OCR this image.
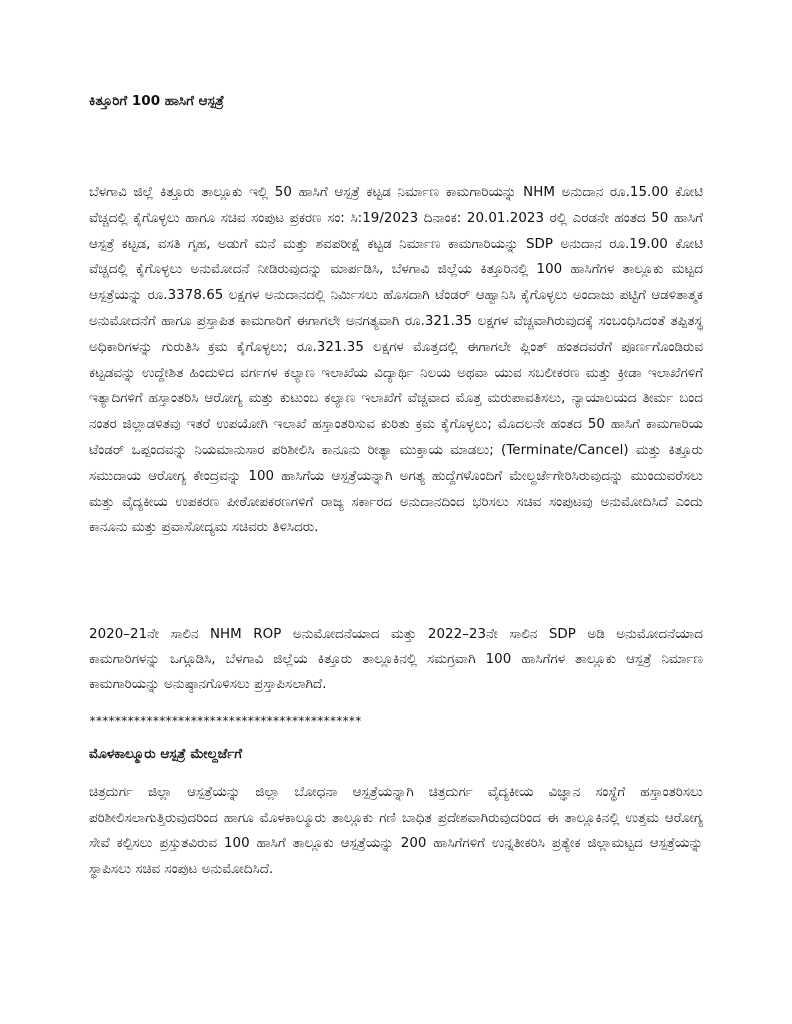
ಕಿತ್ತೂರಿಗೆ 100 ಹಾಸಿಗೆ ಆಸ್ಪತ್ರೆ

ಬೆಳಗಾವಿ ಜಿಲ್ಲೆ ಕಿತ್ತೂರು ತಾಲ್ಲೂಕು ಇಲ್ಲಿ 50 ಹಾಸಿಗೆ ಆಸ್ಪತ್ರೆ ಕಟ್ಟಡ ನಿರ್ಮಾಣ ಕಾಮಗಾರಿಯನ್ನು NHM ಅನುದಾನ ರೂ.15.00 ಕೋಟಿ ವೆಚ್ಚದಲ್ಲಿ ಕೈಗೊಳ್ಳಲು ಹಾಗೂ ಸಚಿವ ಸಂಪುಟ ಪ್ರಕರಣ ಸಂ: ಸಿ:19/2023 ದಿನಾಂಕ: 20.01.2023 ರಲ್ಲಿ ಎರಡನೇ ಹಂತದ 50 ಹಾಸಿಗೆ ಆಸ್ಪತ್ರೆ ಕಟ್ಟಡ, ವಸತಿ ಗೃಹ, ಅಡುಗೆ ಮನೆ ಮತ್ತು ಶವಪರೀಕ್ಷೆ ಕಟ್ಟಡ ನಿರ್ಮಾಣ ಕಾಮಗಾರಿಯನ್ನು SDP ಅನುದಾನ ರೂ.19.00 ಕೋಟಿ ವೆಚ್ಚದಲ್ಲಿ ಕೈಗೊಳ್ಳಲು ಅನುಮೋದನೆ ನೀಡಿರುವುದನ್ನು ಮಾರ್ಪಡಿಸಿ, ಬೆಳಗಾವಿ ಜಿಲ್ಲೆಯ ಕಿತ್ತೂರಿನಲ್ಲಿ 100 ಹಾಸಿಗೆಗಳ ತಾಲ್ಲೂಕು ಮಟ್ಟದ ಆಸ್ಪತ್ರೆಯನ್ನು ರೂ.3378.65 ಲಕ್ಷಗಳ ಅನುದಾನದಲ್ಲಿ ನಿರ್ಮಿಸಲು ಹೊಸದಾಗಿ ಟೆಂಡರ್ ಆಹ್ವಾನಿಸಿ ಕೈಗೊಳ್ಳಲು ಅಂದಾಜು ಪಟ್ಟಿಗೆ ಆಡಳಿತಾತ್ಮಕ ಅನುಮೋದನೆಗೆ ಹಾಗೂ ಪ್ರಸ್ತಾಪಿತ ಕಾಮಗಾರಿಗೆ ಈಗಾಗಲೇ ಅನಗತ್ಯವಾಗಿ ರೂ.321.35 ಲಕ್ಷಗಳ ವೆಚ್ಚವಾಗಿರುವುದಕ್ಕೆ ಸಂಬಂಧಿಸಿದಂತೆ ತಪ್ಪಿತಸ್ಥ ಅಧಿಕಾರಿಗಳನ್ನು ಗುರುತಿಸಿ ಕ್ರಮ ಕೈಗೊಳ್ಳಲು; ರೂ.321.35 ಲಕ್ಷಗಳ ಮೊತ್ತದಲ್ಲಿ ಈಗಾಗಲೇ ಪ್ಲಿಂತ್ ಹಂತದವರೆಗೆ ಪೂರ್ಣಗೊಂಡಿರುವ ಕಟ್ಟಡವನ್ನು ಉದ್ದೇಶಿತ ಹಿಂದುಳಿದ ವರ್ಗಗಳ ಕಲ್ಯಾಣ ಇಲಾಖೆಯ ವಿದ್ಯಾರ್ಥಿ ನಿಲಯ ಅಥವಾ ಯುವ ಸಬಲೀಕರಣ ಮತ್ತು ಕ್ರೀಡಾ ಇಲಾಖೆಗಳಿಗೆ ಇತ್ಯಾದಿಗಳಿಗೆ ಹಸ್ತಾಂತರಿಸಿ ಆರೋಗ್ಯ ಮತ್ತು ಕುಟುಂಬ ಕಲ್ಯಾಣ ಇಲಾಖೆಗೆ ವೆಚ್ಚವಾದ ಮೊತ್ತ ಮರುಪಾವತಿಸಲು, ನ್ಯಾಯಾಲಯದ ತೀರ್ಮ ಬಂದ ನಂತರ ಜಿಲ್ಲಾಡಳಿತವು ಇತರೆ ಉಪಯೋಗಿ ಇಲಾಖೆ ಹಸ್ತಾಂತರಿಸುವ ಕುರಿತು ಕ್ರಮ ಕೈಗೊಳ್ಳಲು; ಮೊದಲನೇ ಹಂತದ 50 ಹಾಸಿಗೆ ಕಾಮಗಾರಿಯ ಟೆಂಡರ್ ಒಪ್ಪಂದವನ್ನು ನಿಯಮಾನುಸಾರ ಪರಿಶೀಲಿಸಿ ಕಾನೂನು ರೀತ್ಯಾ ಮುಕ್ತಾಯ ಮಾಡಲು; (Terminate/Cancel) ಮತ್ತು ಕಿತ್ತೂರು ಸಮುದಾಯ ಆರೋಗ್ಯ ಕೇಂದ್ರವನ್ನು 100 ಹಾಸಿಗೆಯ ಆಸ್ಪತ್ರೆಯನ್ನಾಗಿ ಅಗತ್ಯ ಹುದ್ದೆಗಳೊಂದಿಗೆ ಮೇಲ್ದರ್ಜೆಗೇರಿಸಿರುವುದನ್ನು ಮುಂದುವರೆಸಲು ಮತ್ತು ವೈದ್ಯಕೀಯ ಉಪಕರಣ ಪೀಠೋಪಕರಣಗಳಿಗೆ ರಾಜ್ಯ ಸರ್ಕಾರದ ಅನುದಾನದಿಂದ ಭರಿಸಲು ಸಚಿವ ಸಂಪುಟವು ಅನುಮೋದಿಸಿದೆ ಎಂದು ಕಾನೂನು ಮತ್ತು ಪ್ರವಾಸೋದ್ಯಮ ಸಚಿವರು ತಿಳಿಸಿದರು.

2020–21ನೇ ಸಾಲಿನ NHM ROP ಅನುಮೋದನೆಯಾದ ಮತ್ತು 2022–23ನೇ ಸಾಲಿನ SDP ಅಡಿ ಅನುಮೋದನೆಯಾದ ಕಾಮಗಾರಿಗಳನ್ನು ಒಗ್ಗೂಡಿಸಿ, ಬೆಳಗಾವಿ ಜಿಲ್ಲೆಯ ಕಿತ್ತೂರು ತಾಲ್ಲೂಕಿನಲ್ಲಿ ಸಮಗ್ರವಾಗಿ 100 ಹಾಸಿಗೆಗಳ ತಾಲ್ಲೂಕು ಆಸ್ಪತ್ರೆ ನಿರ್ಮಾಣ ಕಾಮಗಾರಿಯನ್ನು ಅನುಷ್ಠಾನಗೊಳಿಸಲು ಪ್ರಸ್ತಾಪಿಸಲಾಗಿದೆ.

*******************************************
ಮೊಳಕಾಲ್ಮೂರು ಆಸ್ಪತ್ರೆ ಮೇಲ್ದರ್ಜೆಗೆ

ಚಿತ್ರದುರ್ಗ ಜಿಲ್ಲಾ ಆಸ್ಪತ್ರೆಯನ್ನು ಜಿಲ್ಲಾ ಬೋಧನಾ ಆಸ್ಪತ್ರೆಯನ್ನಾಗಿ ಚಿತ್ರದುರ್ಗ ವೈದ್ಯಕೀಯ ವಿಜ್ಞಾನ ಸಂಸ್ಥೆಗೆ ಹಸ್ತಾಂತರಿಸಲು ಪರಿಶೀಲಿಸಲಾಗುತ್ತಿರುವುದರಿಂದ ಹಾಗೂ ಮೊಳಕಾಲ್ಮೂರು ತಾಲ್ಲೂಕು ಗಣಿ ಬಾಧಿತ ಪ್ರದೇಶವಾಗಿರುವುದರಿಂದ ಈ ತಾಲ್ಲೂಕಿನಲ್ಲಿ ಉತ್ತಮ ಆರೋಗ್ಯ ಸೇವೆ ಕಲ್ಪಿಸಲು ಪ್ರಸ್ತುತವಿರುವ 100 ಹಾಸಿಗೆ ತಾಲ್ಲೂಕು ಆಸ್ಪತ್ರೆಯನ್ನು 200 ಹಾಸಿಗೆಗಳಿಗೆ ಉನ್ನತೀಕರಿಸಿ ಪ್ರತ್ಯೇಕ ಜಿಲ್ಲಾಮಟ್ಟದ ಆಸ್ಪತ್ರೆಯನ್ನು ಸ್ಥಾಪಿಸಲು ಸಚಿವ ಸಂಪುಟ ಅನುಮೋದಿಸಿದೆ.
